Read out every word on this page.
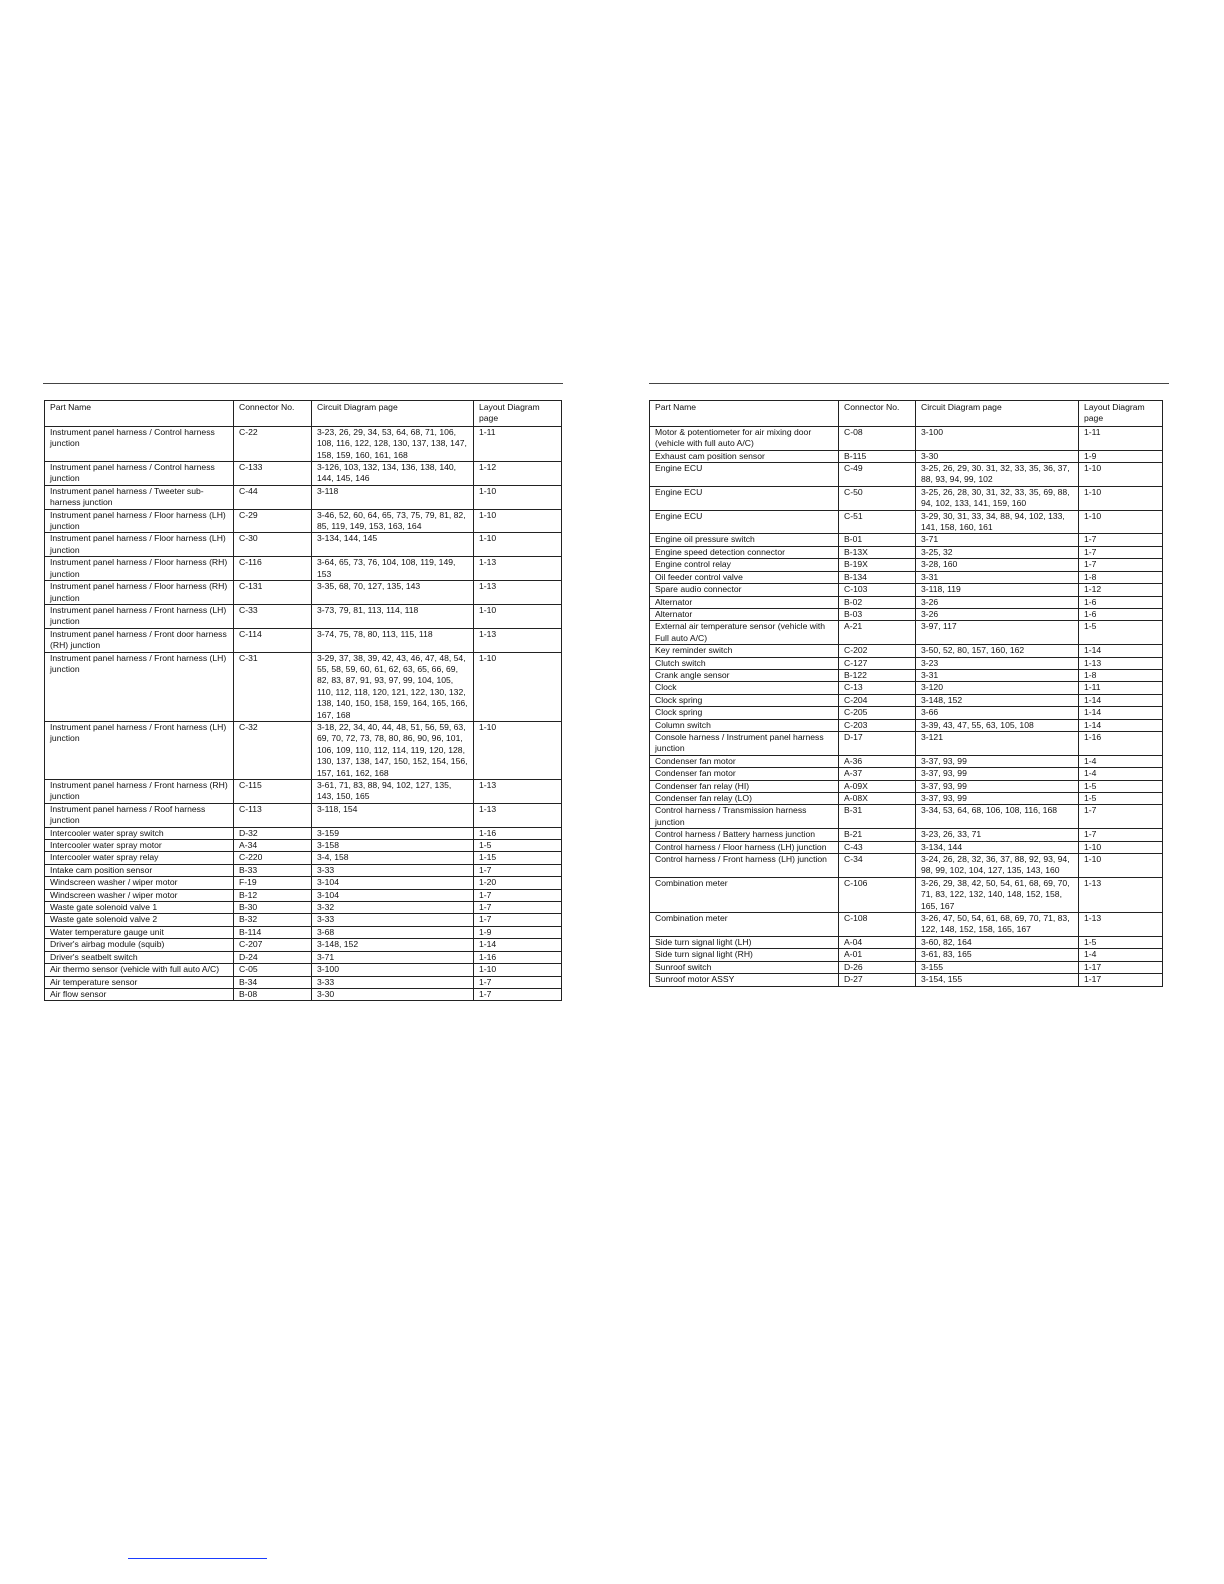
Part Name	Connector No.	Circuit Diagram page	Layout Diagram page
Instrument panel harness / Control harness junction	C-22	3-23, 26, 29, 34, 53, 64, 68, 71, 106, 108, 116, 122, 128, 130, 137, 138, 147, 158, 159, 160, 161, 168	1-11
Instrument panel harness / Control harness junction	C-133	3-126, 103, 132, 134, 136, 138, 140, 144, 145, 146	1-12
Instrument panel harness / Tweeter sub-harness junction	C-44	3-118	1-10
Instrument panel harness / Floor harness (LH) junction	C-29	3-46, 52, 60, 64, 65, 73, 75, 79, 81, 82, 85, 119, 149, 153, 163, 164	1-10
Instrument panel harness / Floor harness (LH) junction	C-30	3-134, 144, 145	1-10
Instrument panel harness / Floor harness (RH) junction	C-116	3-64, 65, 73, 76, 104, 108, 119, 149, 153	1-13
Instrument panel harness / Floor harness (RH) junction	C-131	3-35, 68, 70, 127, 135, 143	1-13
Instrument panel harness / Front harness (LH) junction	C-33	3-73, 79, 81, 113, 114, 118	1-10
Instrument panel harness / Front door harness (RH) junction	C-114	3-74, 75, 78, 80, 113, 115, 118	1-13
Instrument panel harness / Front harness (LH) junction	C-31	3-29, 37, 38, 39, 42, 43, 46, 47, 48, 54, 55, 58, 59, 60, 61, 62, 63, 65, 66, 69, 82, 83, 87, 91, 93, 97, 99, 104, 105, 110, 112, 118, 120, 121, 122, 130, 132, 138, 140, 150, 158, 159, 164, 165, 166, 167, 168	1-10
Instrument panel harness / Front harness (LH) junction	C-32	3-18, 22, 34, 40, 44, 48, 51, 56, 59, 63, 69, 70, 72, 73, 78, 80, 86, 90, 96, 101, 106, 109, 110, 112, 114, 119, 120, 128, 130, 137, 138, 147, 150, 152, 154, 156, 157, 161, 162, 168	1-10
Instrument panel harness / Front harness (RH) junction	C-115	3-61, 71, 83, 88, 94, 102, 127, 135, 143, 150, 165	1-13
Instrument panel harness / Roof harness junction	C-113	3-118, 154	1-13
Intercooler water spray switch	D-32	3-159	1-16
Intercooler water spray motor	A-34	3-158	1-5
Intercooler water spray relay	C-220	3-4, 158	1-15
Intake cam position sensor	B-33	3-33	1-7
Windscreen washer / wiper motor	F-19	3-104	1-20
Windscreen washer / wiper motor	B-12	3-104	1-7
Waste gate solenoid valve 1	B-30	3-32	1-7
Waste gate solenoid valve 2	B-32	3-33	1-7
Water temperature gauge unit	B-114	3-68	1-9
Driver's airbag module (squib)	C-207	3-148, 152	1-14
Driver's seatbelt switch	D-24	3-71	1-16
Air thermo sensor (vehicle with full auto A/C)	C-05	3-100	1-10
Air temperature sensor	B-34	3-33	1-7
Air flow sensor	B-08	3-30	1-7
Part Name	Connector No.	Circuit Diagram page	Layout Diagram page
Motor & potentiometer for air mixing door (vehicle with full auto A/C)	C-08	3-100	1-11
Exhaust cam position sensor	B-115	3-30	1-9
Engine ECU	C-49	3-25, 26, 29, 30. 31, 32, 33, 35, 36, 37, 88, 93, 94, 99, 102	1-10
Engine ECU	C-50	3-25, 26, 28, 30, 31, 32, 33, 35, 69, 88, 94, 102, 133, 141, 159, 160	1-10
Engine ECU	C-51	3-29, 30, 31, 33, 34, 88, 94, 102, 133, 141, 158, 160, 161	1-10
Engine oil pressure switch	B-01	3-71	1-7
Engine speed detection connector	B-13X	3-25, 32	1-7
Engine control relay	B-19X	3-28, 160	1-7
Oil feeder control valve	B-134	3-31	1-8
Spare audio connector	C-103	3-118, 119	1-12
Alternator	B-02	3-26	1-6
Alternator	B-03	3-26	1-6
External air temperature sensor (vehicle with Full auto A/C)	A-21	3-97, 117	1-5
Key reminder switch	C-202	3-50, 52, 80, 157, 160, 162	1-14
Clutch switch	C-127	3-23	1-13
Crank angle sensor	B-122	3-31	1-8
Clock	C-13	3-120	1-11
Clock spring	C-204	3-148, 152	1-14
Clock spring	C-205	3-66	1-14
Column switch	C-203	3-39, 43, 47, 55, 63, 105, 108	1-14
Console harness / Instrument panel harness junction	D-17	3-121	1-16
Condenser fan motor	A-36	3-37, 93, 99	1-4
Condenser fan motor	A-37	3-37, 93, 99	1-4
Condenser fan relay (HI)	A-09X	3-37, 93, 99	1-5
Condenser fan relay (LO)	A-08X	3-37, 93, 99	1-5
Control harness / Transmission harness junction	B-31	3-34, 53, 64, 68, 106, 108, 116, 168	1-7
Control harness / Battery harness junction	B-21	3-23, 26, 33, 71	1-7
Control harness / Floor harness (LH) junction	C-43	3-134, 144	1-10
Control harness / Front harness (LH) junction	C-34	3-24, 26, 28, 32, 36, 37, 88, 92, 93, 94, 98, 99, 102, 104, 127, 135, 143, 160	1-10
Combination meter	C-106	3-26, 29, 38, 42, 50, 54, 61, 68, 69, 70, 71, 83, 122, 132, 140, 148, 152, 158, 165, 167	1-13
Combination meter	C-108	3-26, 47, 50, 54, 61, 68, 69, 70, 71, 83, 122, 148, 152, 158, 165, 167	1-13
Side turn signal light (LH)	A-04	3-60, 82, 164	1-5
Side turn signal light (RH)	A-01	3-61, 83, 165	1-4
Sunroof switch	D-26	3-155	1-17
Sunroof motor ASSY	D-27	3-154, 155	1-17
